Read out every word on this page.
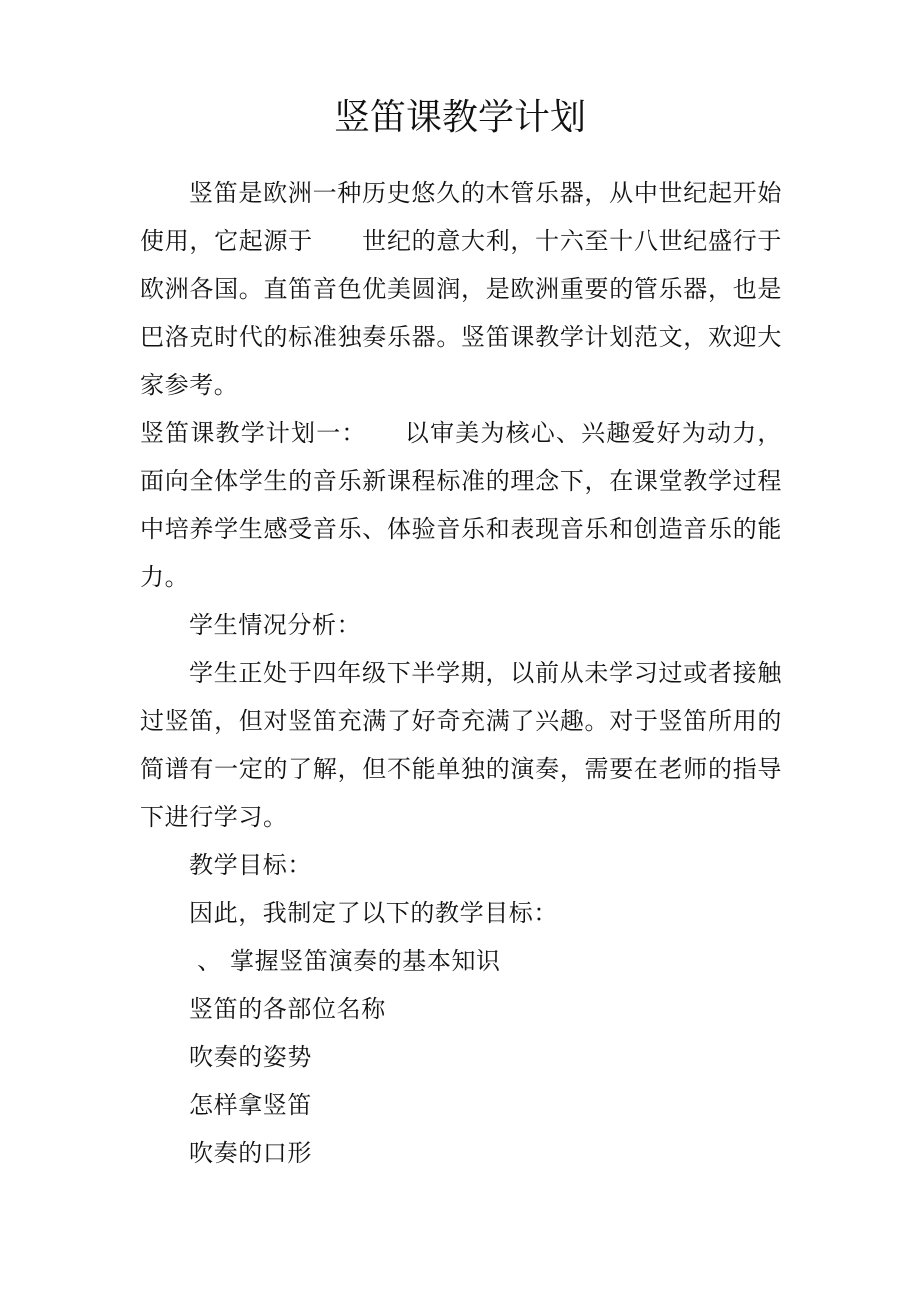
竖笛课教学计划
竖笛是欧洲一种历史悠久的木管乐器，从中世纪起开始
使用，它起源于　　世纪的意大利，十六至十八世纪盛行于
欧洲各国。直笛音色优美圆润，是欧洲重要的管乐器，也是
巴洛克时代的标准独奏乐器。竖笛课教学计划范文，欢迎大
家参考。
竖笛课教学计划一：　　以审美为核心、兴趣爱好为动力，
面向全体学生的音乐新课程标准的理念下，在课堂教学过程
中培养学生感受音乐、体验音乐和表现音乐和创造音乐的能
力。
学生情况分析：
学生正处于四年级下半学期，以前从未学习过或者接触
过竖笛，但对竖笛充满了好奇充满了兴趣。对于竖笛所用的
简谱有一定的了解，但不能单独的演奏，需要在老师的指导
下进行学习。
教学目标：
因此，我制定了以下的教学目标：
、 掌握竖笛演奏的基本知识
竖笛的各部位名称
吹奏的姿势
怎样拿竖笛
吹奏的口形
